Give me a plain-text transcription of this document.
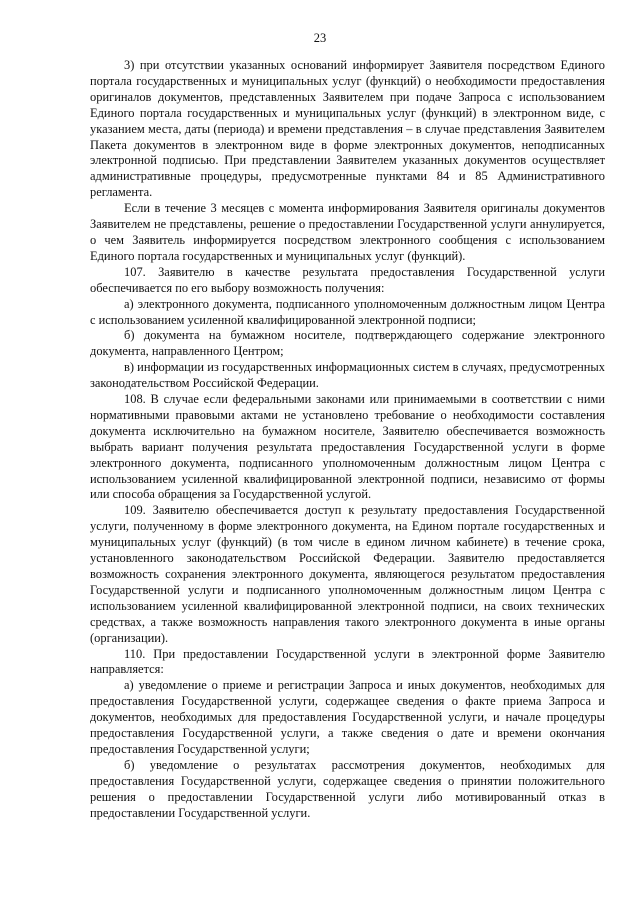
23

3) при отсутствии указанных оснований информирует Заявителя посредством Единого портала государственных и муниципальных услуг (функций) о необходимости предоставления оригиналов документов, представленных Заявителем при подаче Запроса с использованием Единого портала государственных и муниципальных услуг (функций) в электронном виде, с указанием места, даты (периода) и времени представления – в случае представления Заявителем Пакета документов в электронном виде в форме электронных документов, неподписанных электронной подписью. При представлении Заявителем указанных документов осуществляет административные процедуры, предусмотренные пунктами 84 и 85 Административного регламента.

Если в течение 3 месяцев с момента информирования Заявителя оригиналы документов Заявителем не представлены, решение о предоставлении Государственной услуги аннулируется, о чем Заявитель информируется посредством электронного сообщения с использованием Единого портала государственных и муниципальных услуг (функций).

107. Заявителю в качестве результата предоставления Государственной услуги обеспечивается по его выбору возможность получения:

а) электронного документа, подписанного уполномоченным должностным лицом Центра с использованием усиленной квалифицированной электронной подписи;

б) документа на бумажном носителе, подтверждающего содержание электронного документа, направленного Центром;

в) информации из государственных информационных систем в случаях, предусмотренных законодательством Российской Федерации.

108. В случае если федеральными законами или принимаемыми в соответствии с ними нормативными правовыми актами не установлено требование о необходимости составления документа исключительно на бумажном носителе, Заявителю обеспечивается возможность выбрать вариант получения результата предоставления Государственной услуги в форме электронного документа, подписанного уполномоченным должностным лицом Центра с использованием усиленной квалифицированной электронной подписи, независимо от формы или способа обращения за Государственной услугой.

109. Заявителю обеспечивается доступ к результату предоставления Государственной услуги, полученному в форме электронного документа, на Едином портале государственных и муниципальных услуг (функций) (в том числе в едином личном кабинете) в течение срока, установленного законодательством Российской Федерации. Заявителю предоставляется возможность сохранения электронного документа, являющегося результатом предоставления Государственной услуги и подписанного уполномоченным должностным лицом Центра с использованием усиленной квалифицированной электронной подписи, на своих технических средствах, а также возможность направления такого электронного документа в иные органы (организации).

110. При предоставлении Государственной услуги в электронной форме Заявителю направляется:

а) уведомление о приеме и регистрации Запроса и иных документов, необходимых для предоставления Государственной услуги, содержащее сведения о факте приема Запроса и документов, необходимых для предоставления Государственной услуги, и начале процедуры предоставления Государственной услуги, а также сведения о дате и времени окончания предоставления Государственной услуги;

б) уведомление о результатах рассмотрения документов, необходимых для предоставления Государственной услуги, содержащее сведения о принятии положительного решения о предоставлении Государственной услуги либо мотивированный отказ в предоставлении Государственной услуги.
